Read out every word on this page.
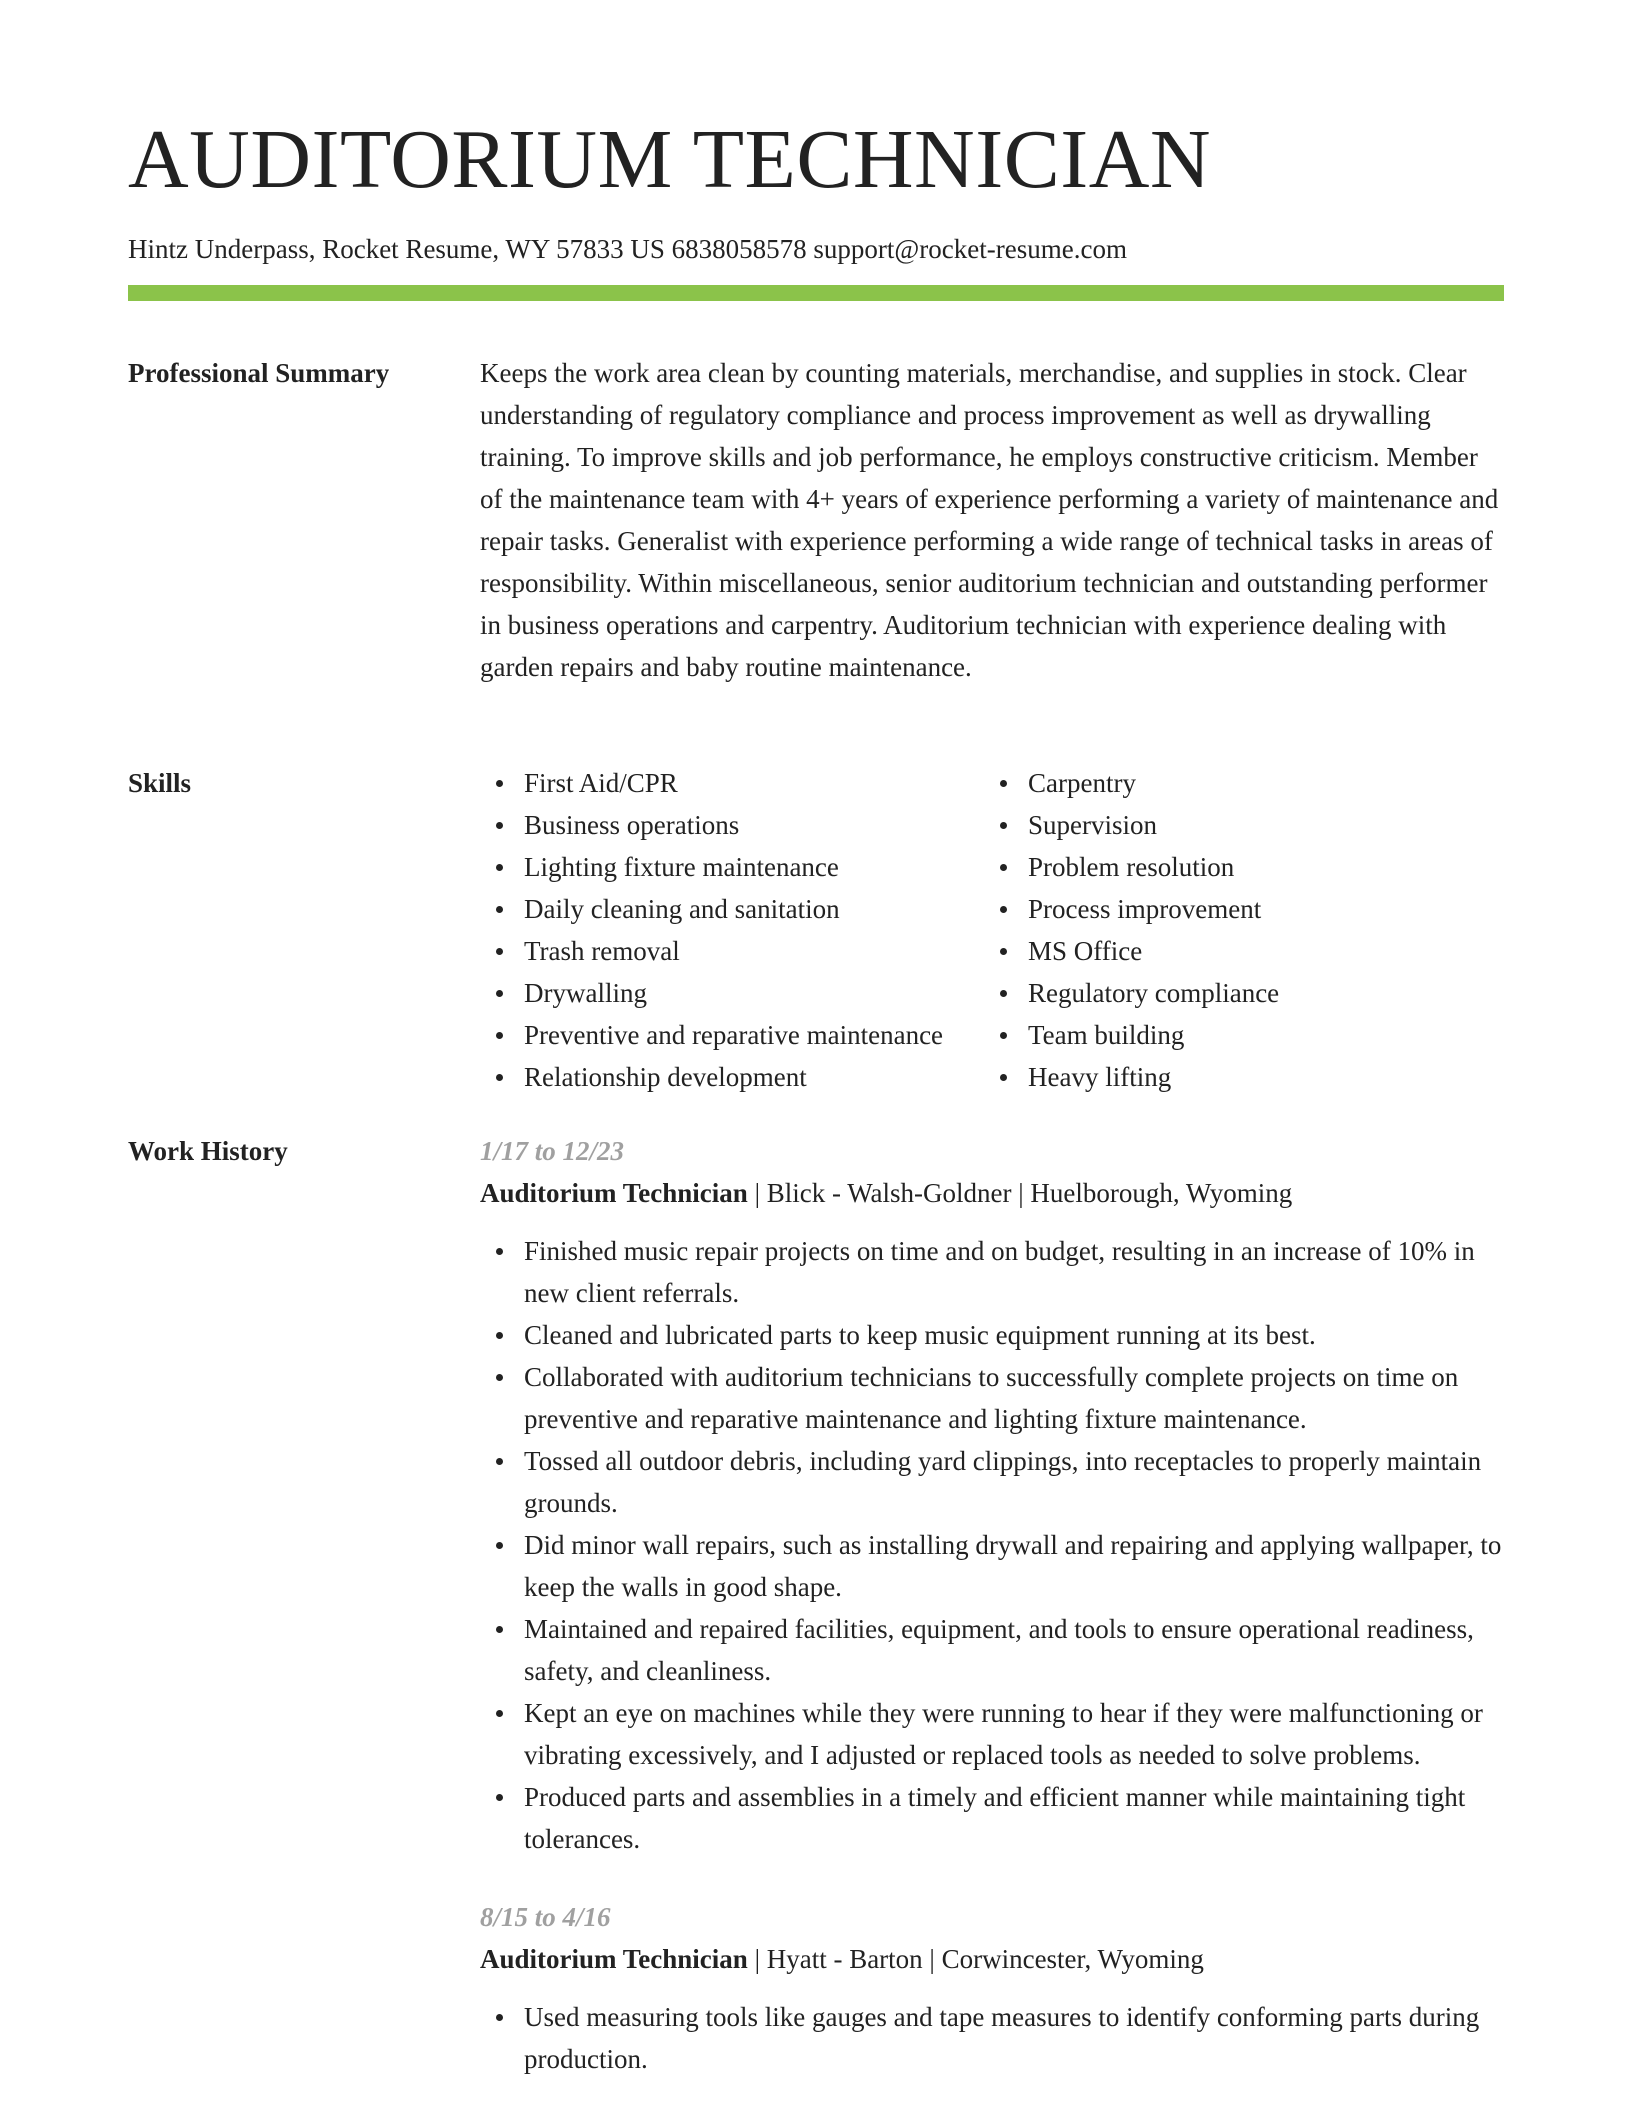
AUDITORIUM TECHNICIAN
Hintz Underpass, Rocket Resume, WY 57833 US 6838058578 support@rocket-resume.com
Professional Summary	Keeps the work area clean by counting materials, merchandise, and supplies in stock. Clear understanding of regulatory compliance and process improvement as well as drywalling training. To improve skills and job performance, he employs constructive criticism. Member of the maintenance team with 4+ years of experience performing a variety of maintenance and repair tasks. Generalist with experience performing a wide range of technical tasks in areas of responsibility. Within miscellaneous, senior auditorium technician and outstanding performer in business operations and carpentry. Auditorium technician with experience dealing with garden repairs and baby routine maintenance.

Skills	First Aid/CPR
Business operations
Lighting fixture maintenance
Daily cleaning and sanitation
Trash removal
Drywalling
Preventive and reparative maintenance
Relationship development
Carpentry
Supervision
Problem resolution
Process improvement
MS Office
Regulatory compliance
Team building
Heavy lifting
Work History	1/17 to 12/23
Auditorium Technician | Blick - Walsh-Goldner | Huelborough, Wyoming
Finished music repair projects on time and on budget, resulting in an increase of 10% in new client referrals.
Cleaned and lubricated parts to keep music equipment running at its best.
Collaborated with auditorium technicians to successfully complete projects on time on preventive and reparative maintenance and lighting fixture maintenance.
Tossed all outdoor debris, including yard clippings, into receptacles to properly maintain grounds.
Did minor wall repairs, such as installing drywall and repairing and applying wallpaper, to keep the walls in good shape.
Maintained and repaired facilities, equipment, and tools to ensure operational readiness, safety, and cleanliness.
Kept an eye on machines while they were running to hear if they were malfunctioning or vibrating excessively, and I adjusted or replaced tools as needed to solve problems.
Produced parts and assemblies in a timely and efficient manner while maintaining tight tolerances.
8/15 to 4/16
Auditorium Technician | Hyatt - Barton | Corwincester, Wyoming
Used measuring tools like gauges and tape measures to identify conforming parts during production.
